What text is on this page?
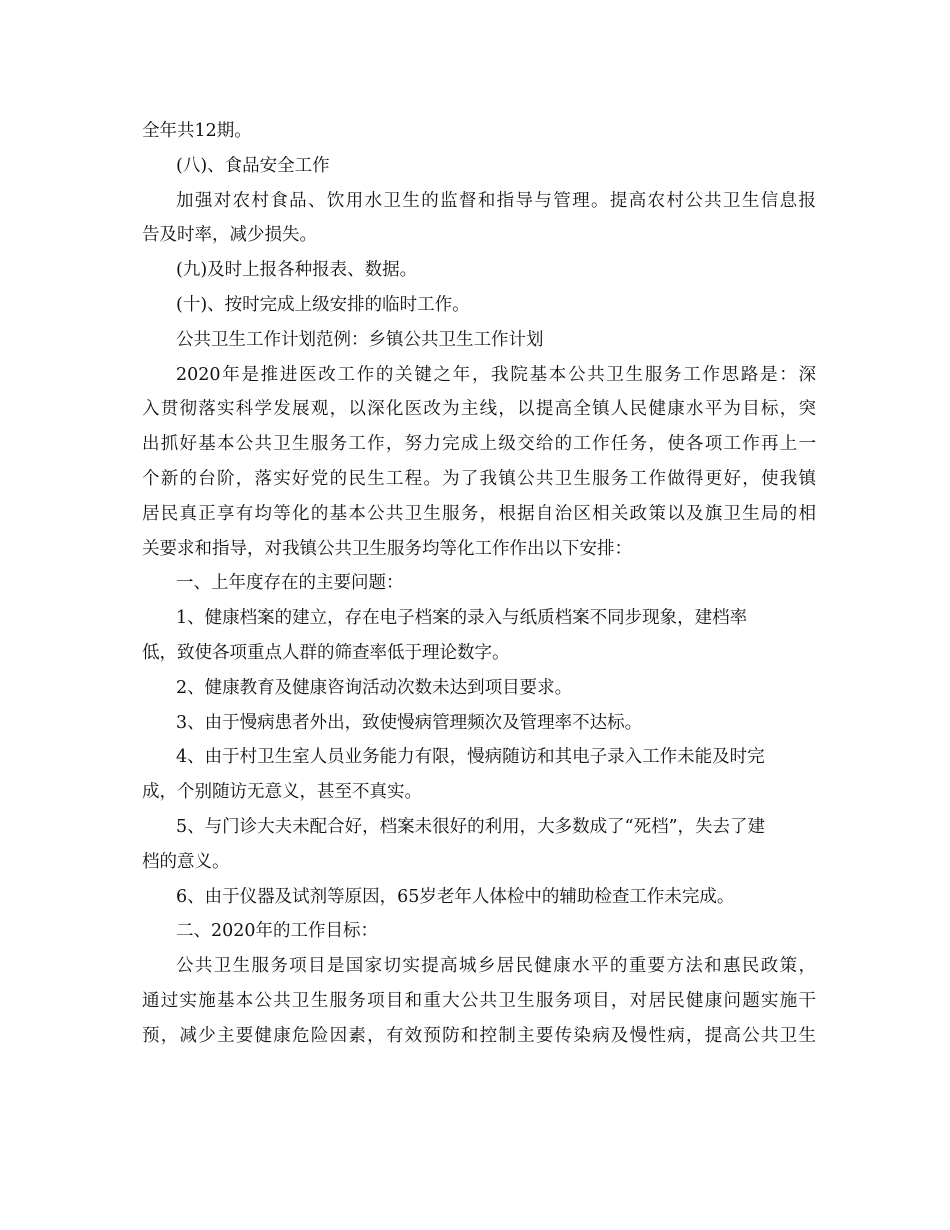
全年共12期。
(八)、食品安全工作
加强对农村食品、饮用水卫生的监督和指导与管理。提高农村公共卫生信息报
告及时率，减少损失。
(九)及时上报各种报表、数据。
(十)、按时完成上级安排的临时工作。
公共卫生工作计划范例：乡镇公共卫生工作计划
2020年是推进医改工作的关键之年，我院基本公共卫生服务工作思路是：深
入贯彻落实科学发展观，以深化医改为主线，以提高全镇人民健康水平为目标，突
出抓好基本公共卫生服务工作，努力完成上级交给的工作任务，使各项工作再上一
个新的台阶，落实好党的民生工程。为了我镇公共卫生服务工作做得更好，使我镇
居民真正享有均等化的基本公共卫生服务，根据自治区相关政策以及旗卫生局的相
关要求和指导，对我镇公共卫生服务均等化工作作出以下安排：
一、上年度存在的主要问题：
1、健康档案的建立，存在电子档案的录入与纸质档案不同步现象，建档率
低，致使各项重点人群的筛查率低于理论数字。
2、健康教育及健康咨询活动次数未达到项目要求。
3、由于慢病患者外出，致使慢病管理频次及管理率不达标。
4、由于村卫生室人员业务能力有限，慢病随访和其电子录入工作未能及时完
成，个别随访无意义，甚至不真实。
5、与门诊大夫未配合好，档案未很好的利用，大多数成了“死档”，失去了建
档的意义。
6、由于仪器及试剂等原因，65岁老年人体检中的辅助检查工作未完成。
二、2020年的工作目标：
公共卫生服务项目是国家切实提高城乡居民健康水平的重要方法和惠民政策，
通过实施基本公共卫生服务项目和重大公共卫生服务项目，对居民健康问题实施干
预，减少主要健康危险因素，有效预防和控制主要传染病及慢性病，提高公共卫生
